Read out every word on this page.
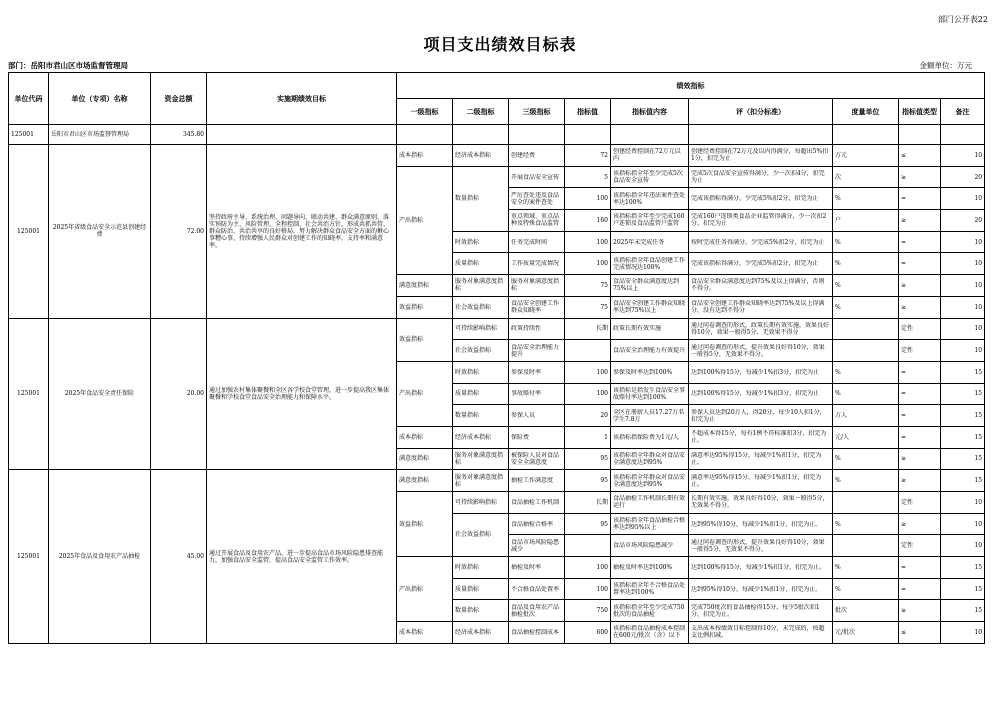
部门公开表22
项目支出绩效目标表
部门：岳阳市君山区市场监督管理局	金额单位：万元
单位代码	单位（专项）名称	资金总额	实施期绩效目标	绩效指标								
				一级指标	二级指标	三级指标	指标值	指标值内容	评（扣分标准）	度量单位	指标值类型	备注
125001	岳阳市君山区市场监督管理局	345.80										
125001	2025年省级食品安全示范县创建经费	72.00	坚持政府主导、系统治理、问题导向、联动共建、群众满意原则，落实预防为主、风险管理、全程控制、社会共治方针，形成共抓共管、群众防治、共治共享的良好格局。努力解决群众食品安全方面的揪心事糟心事，持续增强人民群众对创建工作的知晓率、支持率和满意率。	成本指标	经济成本指标	创建经费	72	创建经费控制在72万元以内	创建经费控制在72万元及以内得满分，每超出5%扣1分，扣完为止	万元	≤	10
				产出指标	数量指标	开展食品安全宣传	5	该指标指全年至少完成5次食品安全宣传	完成5次食品安全宣传得满分，少一次扣4分，扣完为止	次	≥	20

						严厉查处违反食品安全的案件查处	100	该指标指全年违法案件查处率达100%	完成该指标得满分，少完成5%扣2分，扣完为止	%	=	10

						重点领域、重点品种及特殊食品监管	160	该指标指全年至少完成160户连锁及食品监管户监管	完成160户连锁类食品企业监管得满分，少一次扣2分，扣完为止	户	≥	20
					时效指标	任务完成时间	100	2025年末完成任务	按时完成任务得满分，少完成5%扣2分，扣完为止	%	=	10
					质量指标	工作质量完成情况	100	该指标指全年食品创建工作完成情况达100%	完成该指标得满分，少完成5%扣2分，扣完为止	%	=	10
				满意度指标	服务对象满意度指标	服务对象满意度指标	75	食品安全群众满意度达到75%以上	食品安全群众满意度达到75%及以上得满分，否则不得分。	%	≥	10
				效益指标	社会效益指标	食品安全创建工作群众知晓率	75	食品安全创建工作群众知晓率达到75%以上	食品安全创建工作群众知晓率达到75%及以上得满分，没有达到不得分	%	≥	10
125001	2025年食品安全责任保险	20.00	通过加强农村集体聚餐和全区各学校食堂管理，进一步提高我区集体聚餐和学校食堂食品安全治理能力和保障水平。	效益指标	可持续影响指标	政策持续性	长期	政策长期有效实施	通过问卷调查的形式，政策长期有效实施，效果良好得10分，效果一般得5分，无效果不得分		定性	10
					社会效益指标	食品安全治理能力提升		食品安全治理能力有效提升	通过问卷调查的形式，提升效果良好得10分，效果一般得5分，无效果不得分。		定性	10
				产出指标	时效指标	参保及时率	100	参保及时率达到100%	达到100%得15分，每减少1%扣3分，扣完为止	%	=	15
					质量指标	事故赔付率	100	该指标是指发生食品安全事故赔付率达到100%	达到100%得15分，每减少1%扣3分，扣完为止	%	=	15
					数量指标	参保人员	20	全区在册厨人员17.27万名学生7.8万	参保人员达到20万人，得20分，每少10人扣1分，扣完为止	万人	=	15
				成本指标	经济成本指标	保险费	1	该指标指保险费为1元/人	不超成本得15分，每有1例不符标准扣3分，扣完为止。	元/人	=	15
				满意度指标	服务对象满意度指标	被保险人员对食品安全全满意度	95	该指标指全年群众对食品安全满意度达到95%	满意率达95%得15分，每减少1%扣1分，扣完为止。	%	≥	15
125001	2025年食品及食用农产品抽检	45.00	通过开展食品及食用农产品，进一步提高食品市场风险隐患排查能力，加强食品安全监管，提高食品安全监管工作效率。	满意度指标	服务对象满意度指标	抽检工作满意度	95	该指标指全年群众对食品安全满意度达到95%	满意率达95%得15分，每减少1%扣1分，扣完为止。	%	≥	15
				效益指标	可持续影响指标	食品抽检工作机制	长期	食品抽检工作机制长期有效运行	长期有效实施，效果良好得10分，效果一般得5分，无效果不得分。		定性	10
					社会效益指标	食品抽检合格率	95	该指标指全年食品抽检合格率达到95%以上	达到95%得10分，每减少1%扣1分，扣完为止。	%	≥	10

						食品市场风险隐患减少		食品市场风险隐患减少	通过问卷调查的形式，提升效果良好得10分，效果一般得5分，无效果不得分。		定性	10
				产出指标	时效指标	抽检及时率	100	抽检及时率达到100%	达到100%得15分，每减少1%扣1分，扣完为止。	%	=	15
					质量指标	不合格食品处置率	100	该指标指全年不合格食品处置率达到100%	达到95%得10分，每减少1%扣1分，扣完为止。	%	=	15
					数量指标	食品及食用农产品抽检批次	750	该指标指全年至少完成750批次的食品抽检	完成750批次的食品抽检得15分，每少5批次扣1分，扣完为止。	批次	≥	15
				成本指标	经济成本指标	食品抽检控制成本	600	该指标指食品抽检成本控制在600元/批次（含）以下	支出成本按绩效目标控制得10分，未完成的，按超支比例扣减。	元/批次	≤	10
